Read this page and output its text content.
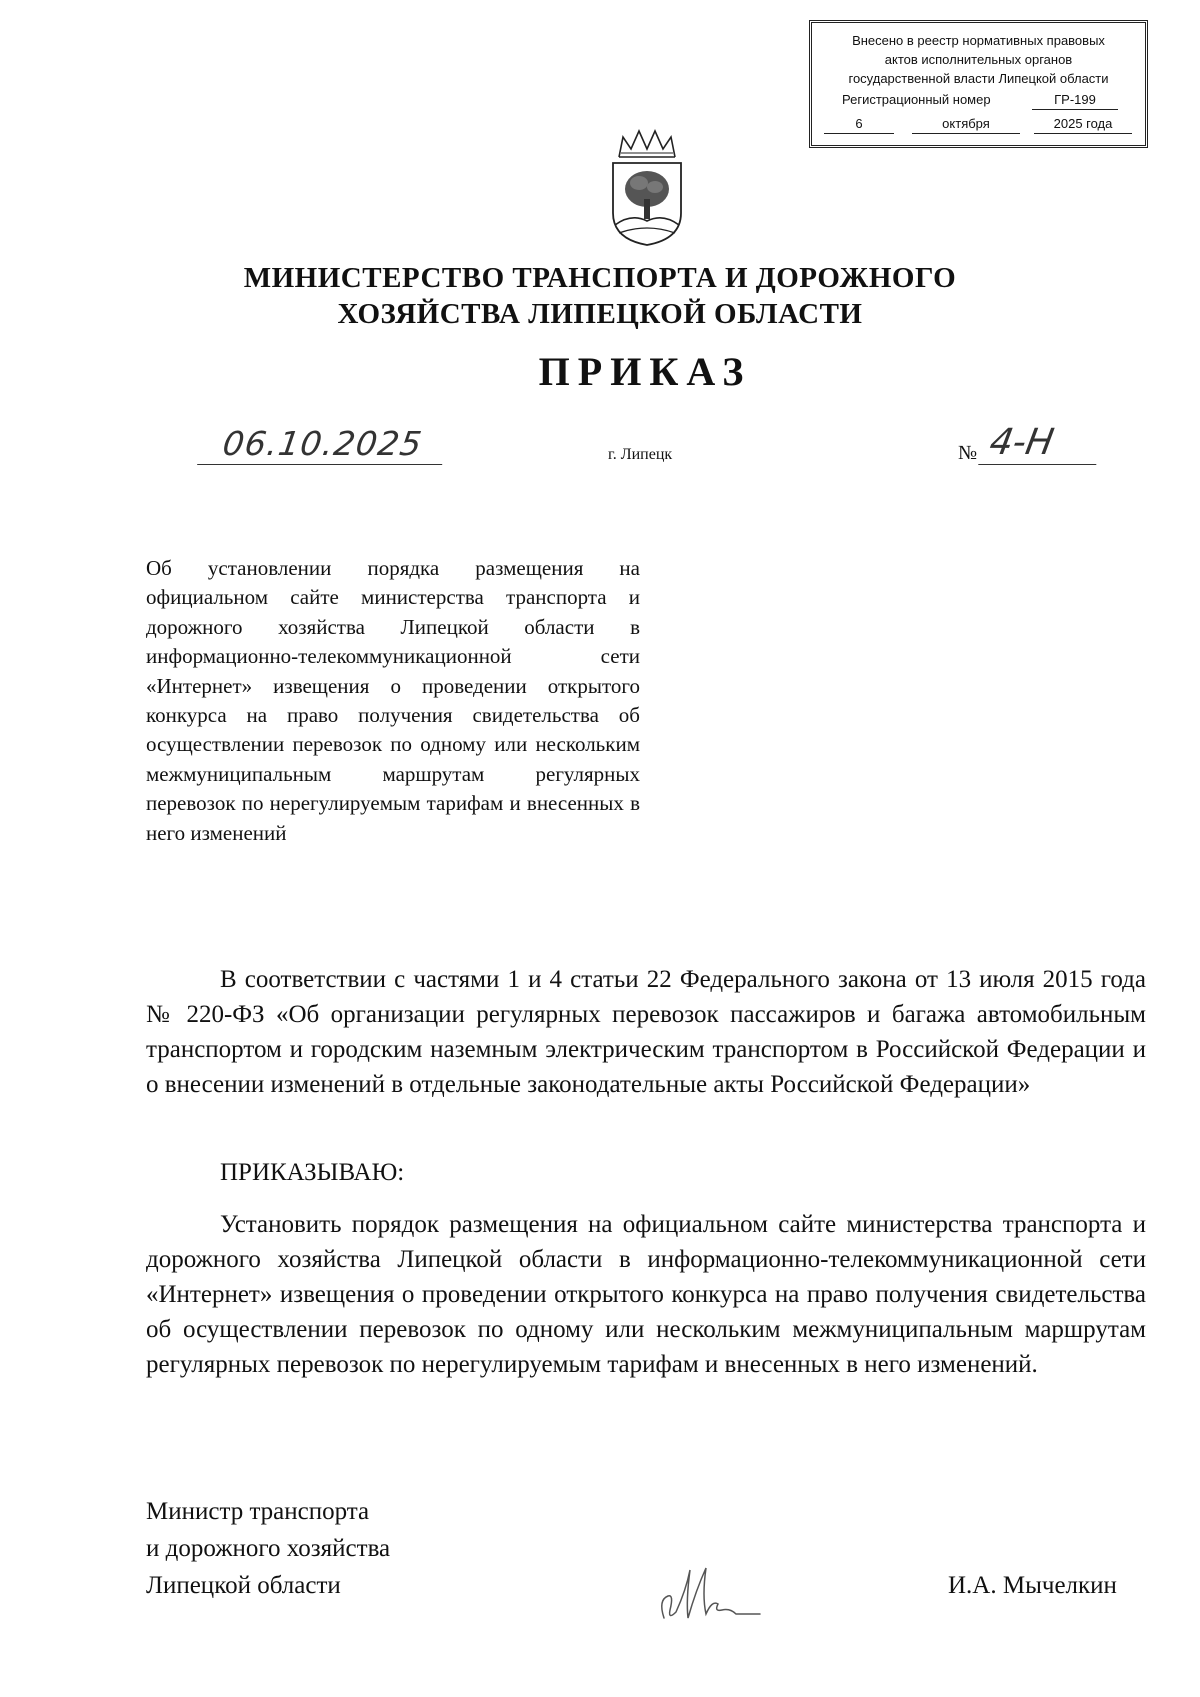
Внесено в реестр нормативных правовых
актов исполнительных органов
государственной власти Липецкой области
Регистрационный номер	ГР-199
6	октября	2025 года
МИНИСТЕРСТВО ТРАНСПОРТА И ДОРОЖНОГО
ХОЗЯЙСТВА ЛИПЕЦКОЙ ОБЛАСТИ
ПРИКАЗ
06.10.2025	г. Липецк	№ 4-Н
Об установлении порядка размещения на официальном сайте министерства транспорта и дорожного хозяйства Липецкой области в информационно-телекоммуникационной сети «Интернет» извещения о проведении открытого конкурса на право получения свидетельства об осуществлении перевозок по одному или нескольким межмуниципальным маршрутам регулярных перевозок по нерегулируемым тарифам и внесенных в него изменений
В соответствии с частями 1 и 4 статьи 22 Федерального закона от 13 июля 2015 года № 220-ФЗ «Об организации регулярных перевозок пассажиров и багажа автомобильным транспортом и городским наземным электрическим транспортом в Российской Федерации и о внесении изменений в отдельные законодательные акты Российской Федерации»
ПРИКАЗЫВАЮ:
Установить порядок размещения на официальном сайте министерства транспорта и дорожного хозяйства Липецкой области в информационно-телекоммуникационной сети «Интернет» извещения о проведении открытого конкурса на право получения свидетельства об осуществлении перевозок по одному или нескольким межмуниципальным маршрутам регулярных перевозок по нерегулируемым тарифам и внесенных в него изменений.
Министр транспорта
и дорожного хозяйства
Липецкой области	И.А. Мычелкин
